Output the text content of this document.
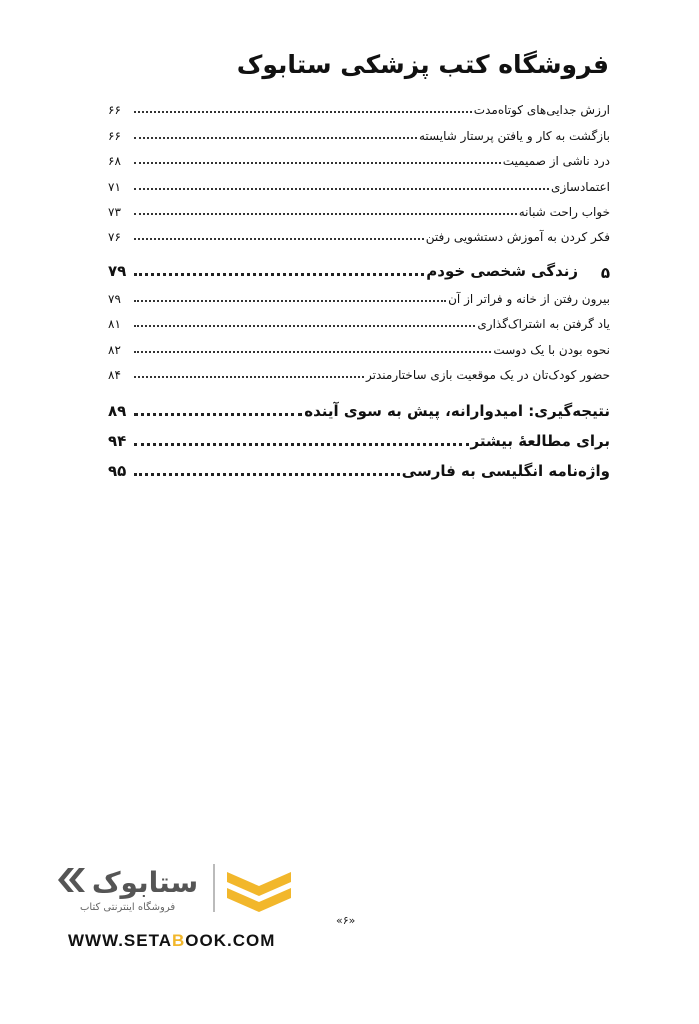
فروشگاه کتب پزشکی ستابوک
ارزش جدایی‌های کوتاه‌مدت
۶۶
بازگشت به کار و یافتن پرستار شایسته
۶۶
درد ناشی از صمیمیت
۶۸
اعتمادسازی
۷۱
خواب راحت شبانه
۷۳
فکر کردن به آموزش دستشویی رفتن
۷۶
۵
زندگی شخصی خودم
۷۹
بیرون رفتن از خانه و فراتر از آن
۷۹
یاد گرفتن به اشتراک‌گذاری
۸۱
نحوه بودن با یک دوست
۸۲
حضور کودک‌تان در یک موقعیت بازی ساختارمندتر
۸۴
نتیجه‌گیری: امیدوارانه، پیش به سوی آینده
۸۹
برای مطالعهٔ بیشتر
۹۴
واژه‌نامه انگلیسی به فارسی
۹۵
ستابوک
فروشگاه اینترنتی کتاب
WWW.SETABOOK.COM
«۶»
